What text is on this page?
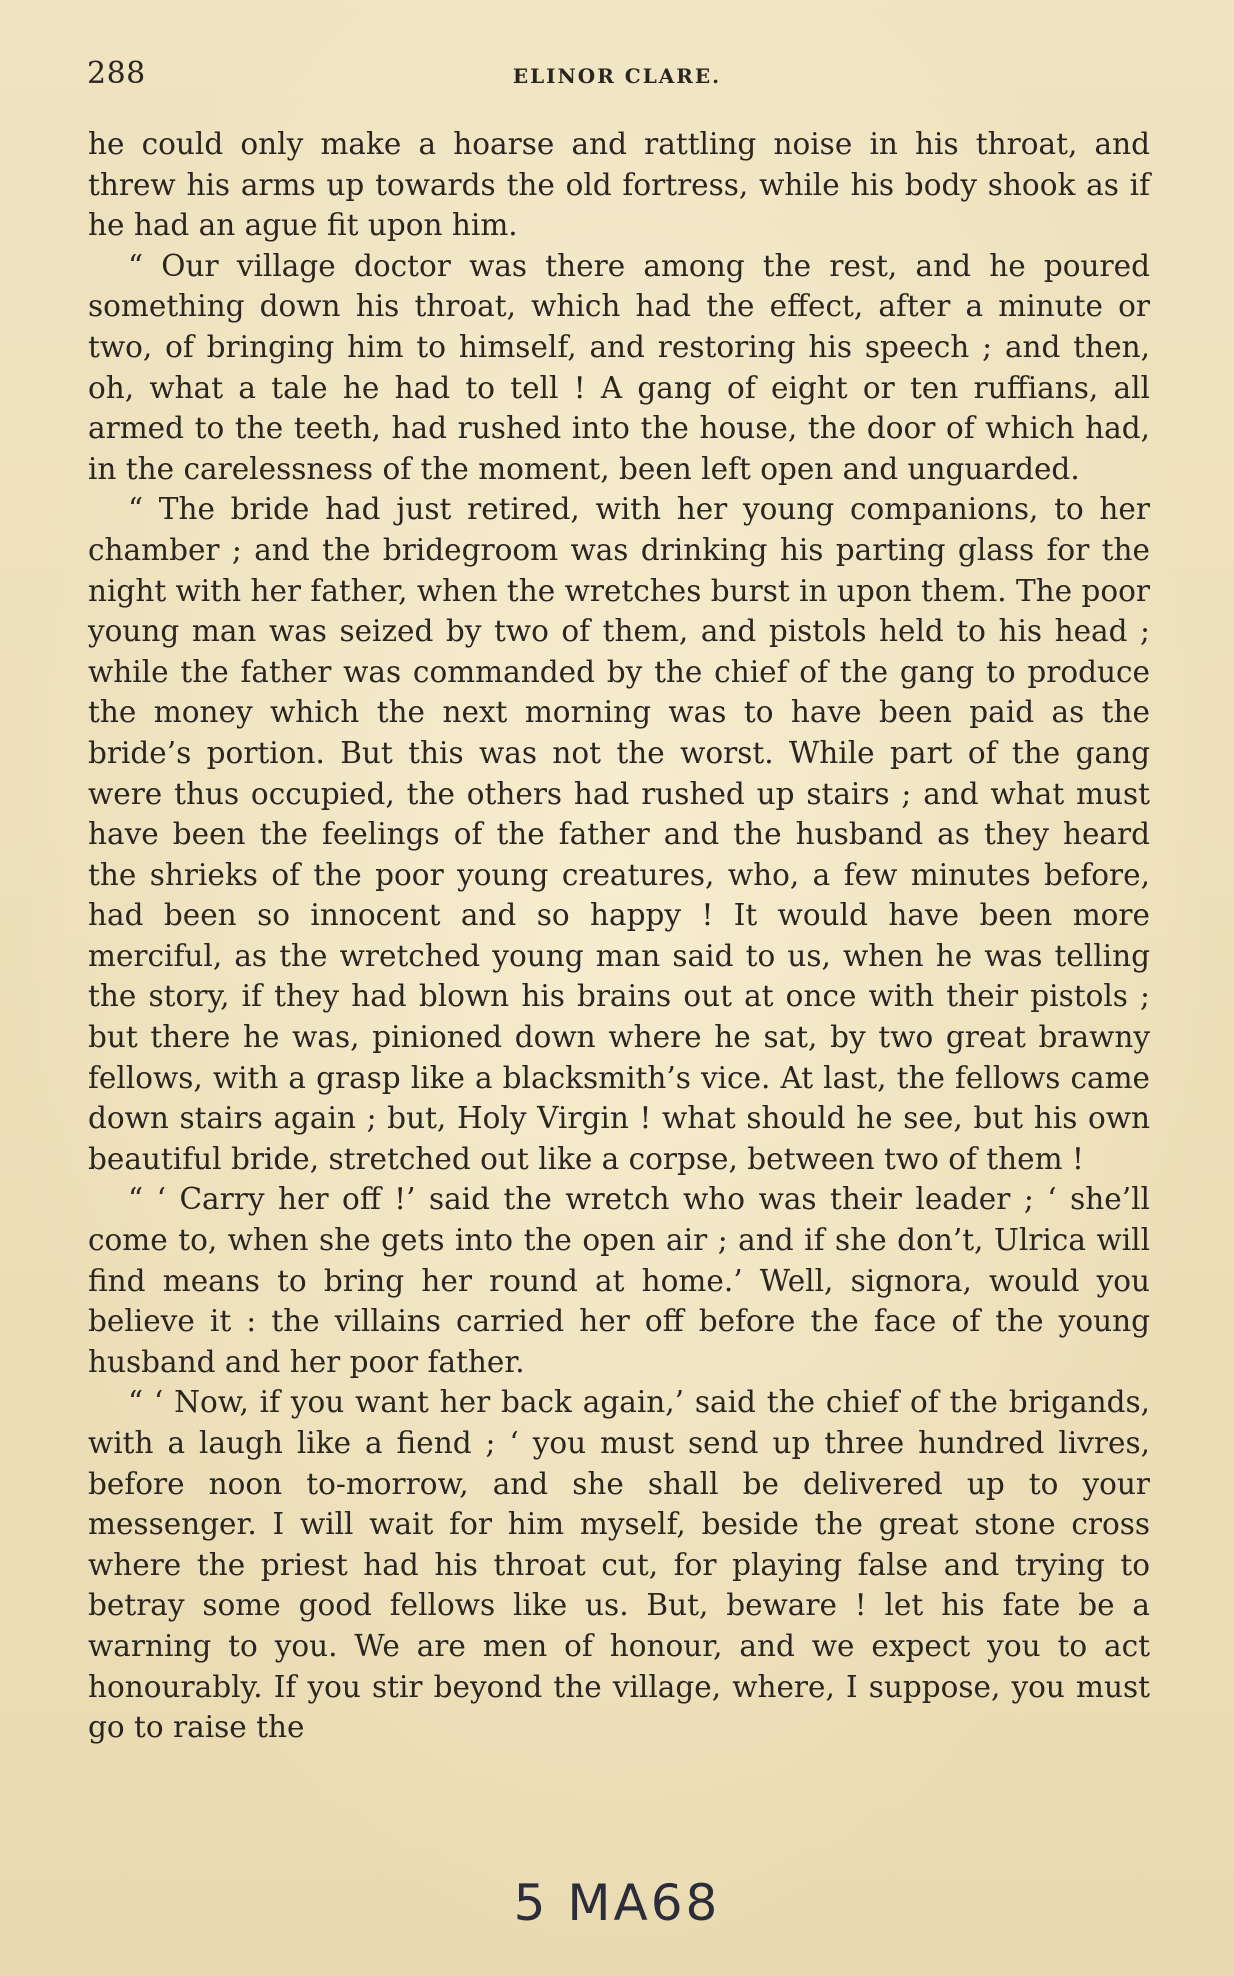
288	ELINOR CLARE.

he could only make a hoarse and rattling noise in his throat, and threw his arms up towards the old fortress, while his body shook as if he had an ague fit upon him.

“ Our village doctor was there among the rest, and he poured something down his throat, which had the effect, after a minute or two, of bringing him to himself, and restoring his speech ; and then, oh, what a tale he had to tell ! A gang of eight or ten ruffians, all armed to the teeth, had rushed into the house, the door of which had, in the carelessness of the moment, been left open and unguarded.

“ The bride had just retired, with her young companions, to her chamber ; and the bridegroom was drinking his parting glass for the night with her father, when the wretches burst in upon them. The poor young man was seized by two of them, and pistols held to his head ; while the father was commanded by the chief of the gang to produce the money which the next morning was to have been paid as the bride’s portion. But this was not the worst. While part of the gang were thus occupied, the others had rushed up stairs ; and what must have been the feelings of the father and the husband as they heard the shrieks of the poor young creatures, who, a few minutes before, had been so innocent and so happy ! It would have been more merciful, as the wretched young man said to us, when he was telling the story, if they had blown his brains out at once with their pistols ; but there he was, pinioned down where he sat, by two great brawny fellows, with a grasp like a blacksmith’s vice. At last, the fellows came down stairs again ; but, Holy Virgin ! what should he see, but his own beautiful bride, stretched out like a corpse, between two of them !

“ ‘ Carry her off !’ said the wretch who was their leader ; ‘ she’ll come to, when she gets into the open air ; and if she don’t, Ulrica will find means to bring her round at home.’ Well, signora, would you believe it : the villains carried her off before the face of the young husband and her poor father.

“ ‘ Now, if you want her back again,’ said the chief of the brigands, with a laugh like a fiend ; ‘ you must send up three hundred livres, before noon to-morrow, and she shall be delivered up to your messenger. I will wait for him myself, beside the great stone cross where the priest had his throat cut, for playing false and trying to betray some good fellows like us. But, beware ! let his fate be a warning to you. We are men of honour, and we expect you to act honourably. If you stir beyond the village, where, I suppose, you must go to raise the

5 MA68
